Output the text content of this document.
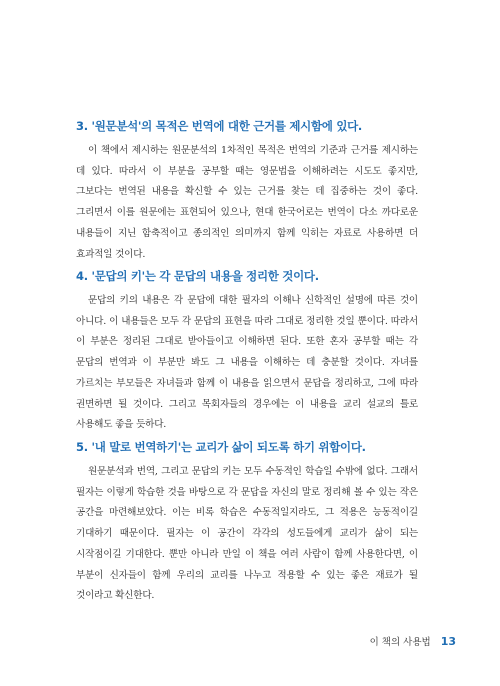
3. '원문분석'의 목적은 번역에 대한 근거를 제시함에 있다.

이 책에서 제시하는 원문분석의 1차적인 목적은 번역의 기준과 근거를 제시하는 데 있다. 따라서 이 부분을 공부할 때는 영문법을 이해하려는 시도도 좋지만, 그보다는 번역된 내용을 확신할 수 있는 근거를 찾는 데 집중하는 것이 좋다. 그리면서 이를 원문에는 표현되어 있으나, 현대 한국어로는 번역이 다소 까다로운 내용들이 지닌 함축적이고 종의적인 의미까지 함께 익히는 자료로 사용하면 더 효과적일 것이다.

4. '문답의 키'는 각 문답의 내용을 정리한 것이다.

문답의 키의 내용은 각 문답에 대한 필자의 이해나 신학적인 설명에 따른 것이 아니다. 이 내용들은 모두 각 문답의 표현을 따라 그대로 정리한 것일 뿐이다. 따라서 이 부분은 정리된 그대로 받아들이고 이해하면 된다. 또한 혼자 공부할 때는 각 문답의 번역과 이 부분만 봐도 그 내용을 이해하는 데 충분할 것이다. 자녀를 가르치는 부모들은 자녀들과 함께 이 내용을 읽으면서 문답을 정리하고, 그에 따라 권면하면 될 것이다. 그리고 목회자들의 경우에는 이 내용을 교리 설교의 틀로 사용해도 좋을 듯하다.

5. '내 말로 번역하기'는 교리가 삶이 되도록 하기 위함이다.

원문분석과 번역, 그리고 문답의 키는 모두 수동적인 학습일 수밖에 없다. 그래서 필자는 이렇게 학습한 것을 바탕으로 각 문답을 자신의 말로 정리해 볼 수 있는 작은 공간을 마련해보았다. 이는 비록 학습은 수동적일지라도, 그 적용은 능동적이길 기대하기 때문이다. 필자는 이 공간이 각각의 성도들에게 교리가 삶이 되는 시작점이길 기대한다. 뿐만 아니라 만일 이 책을 여러 사람이 함께 사용한다면, 이 부분이 신자들이 함께 우리의 교리를 나누고 적용할 수 있는 좋은 재료가 될 것이라고 확신한다.

이 책의 사용법 13
